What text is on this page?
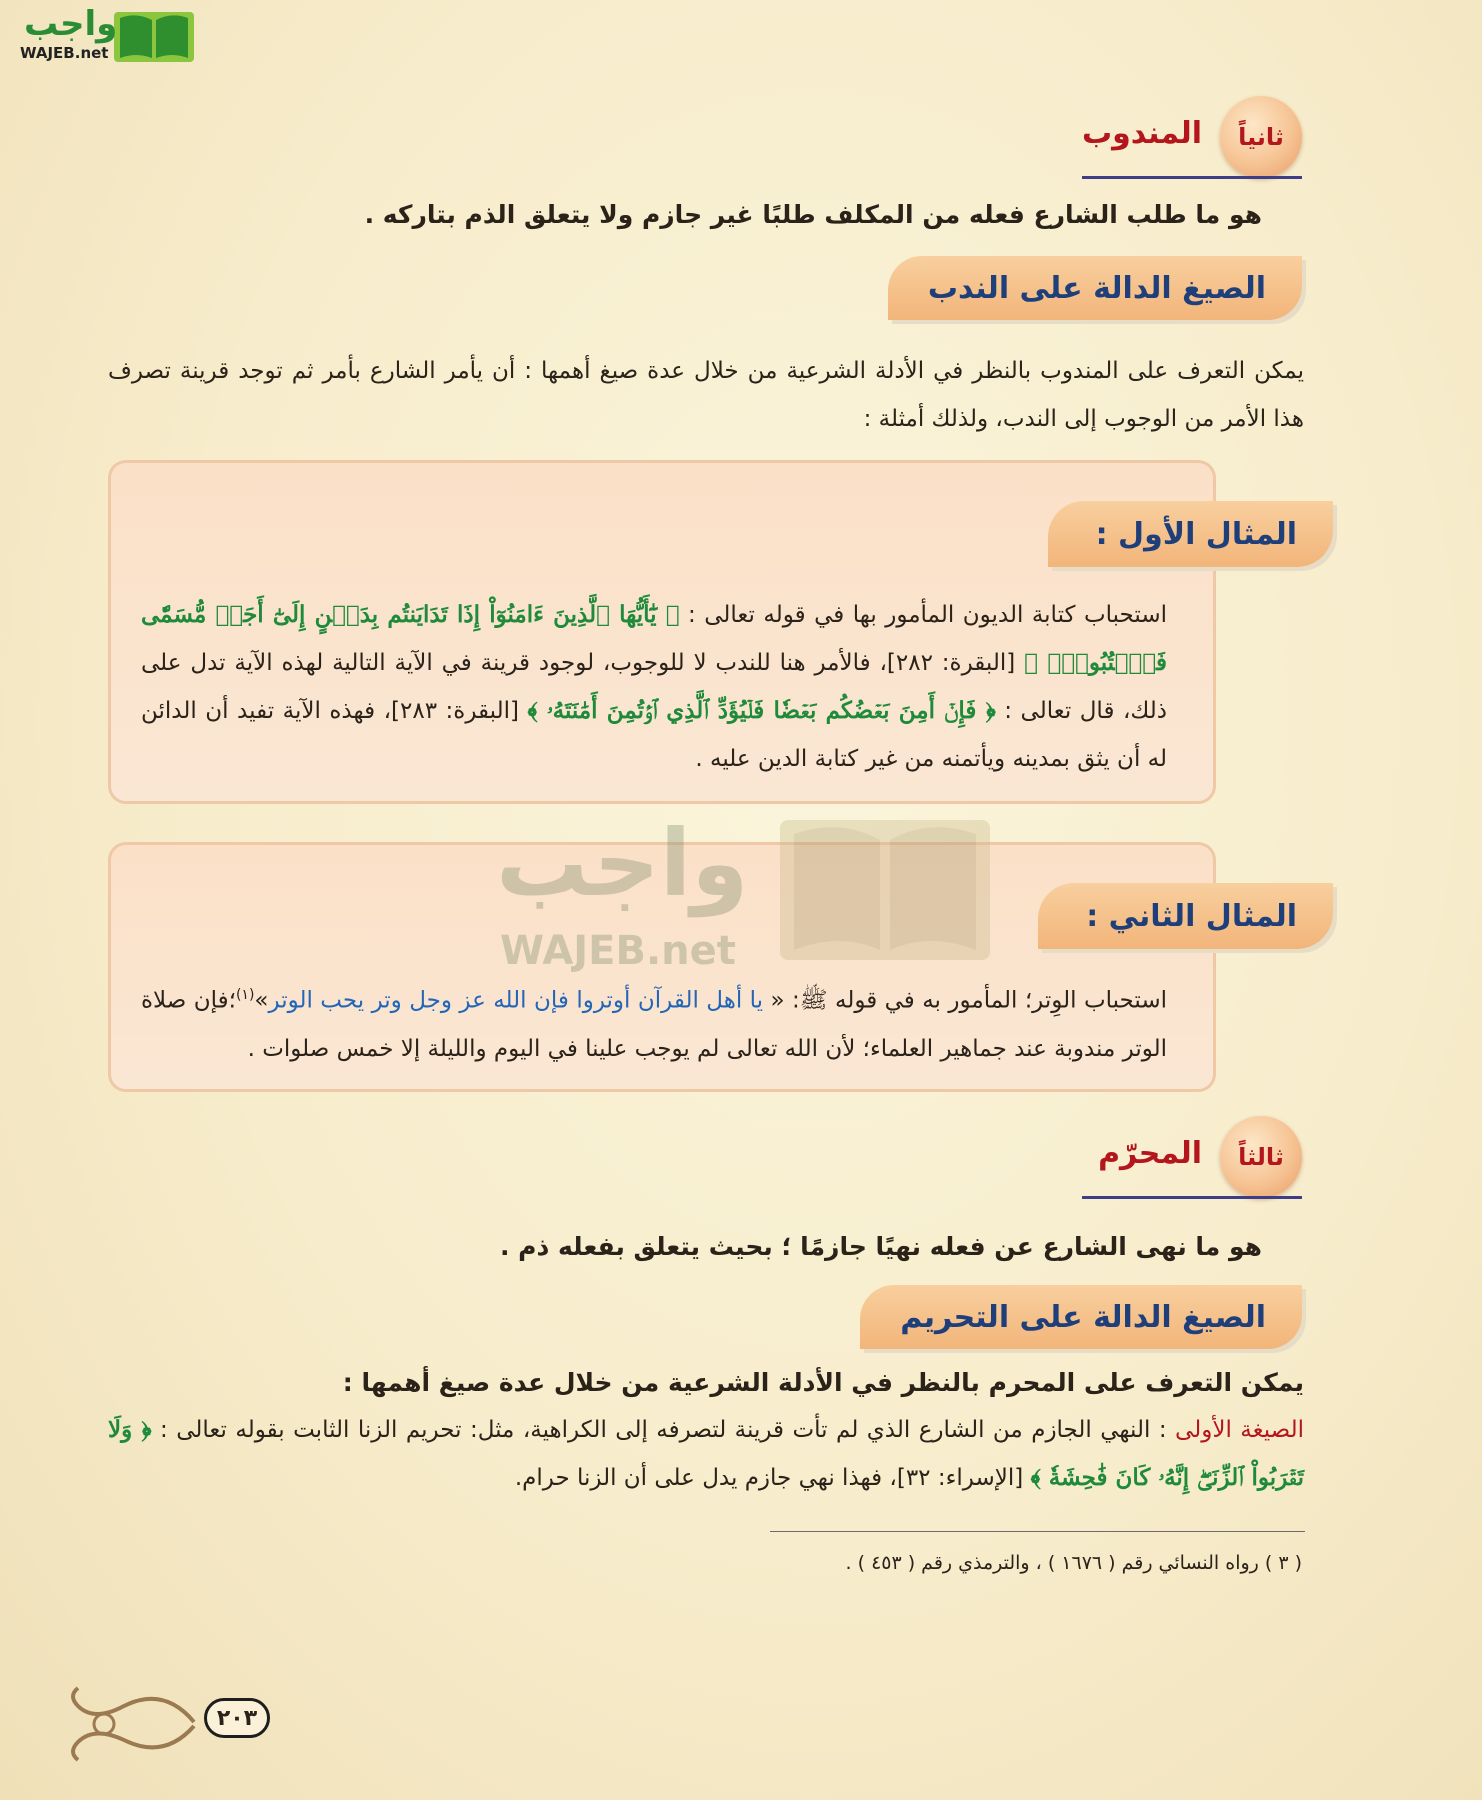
واجب
WAJEB.net
ثانياً
المندوب
هو ما طلب الشارع فعله من المكلف طلبًا غير جازم ولا يتعلق الذم بتاركه .
الصيغ الدالة على الندب
يمكن التعرف على المندوب بالنظر في الأدلة الشرعية من خلال عدة صيغ أهمها : أن يأمر الشارع بأمر ثم توجد قرينة تصرف هذا الأمر من الوجوب إلى الندب، ولذلك أمثلة :
المثال الأول :
استحباب كتابة الديون المأمور بها في قوله تعالى : ﴿ يَٰٓأَيُّهَا ٱلَّذِينَ ءَامَنُوٓاْ إِذَا تَدَايَنتُم بِدَيۡنٍ إِلَىٰٓ أَجَلٖ مُّسَمّٗى فَٱكۡتُبُوهُۚ ﴾ [البقرة: ٢٨٢]، فالأمر هنا للندب لا للوجوب، لوجود قرينة في الآية التالية لهذه الآية تدل على ذلك، قال تعالى : ﴿ فَإِنۡ أَمِنَ بَعۡضُكُم بَعۡضٗا فَلۡيُؤَدِّ ٱلَّذِي ٱؤۡتُمِنَ أَمَٰنَتَهُۥ ﴾ [البقرة: ٢٨٣]، فهذه الآية تفيد أن الدائن له أن يثق بمدينه ويأتمنه من غير كتابة الدين عليه .
المثال الثاني :
استحباب الوِتر؛ المأمور به في قوله ﷺ: « يا أهل القرآن أوتروا فإن الله عز وجل وتر يحب الوتر»$^{(١)}$؛فإن صلاة الوتر مندوبة عند جماهير العلماء؛ لأن الله تعالى لم يوجب علينا في اليوم والليلة إلا خمس صلوات .
واجب
WAJEB.net
ثالثاً
المحرّم
هو ما نهى الشارع عن فعله نهيًا جازمًا ؛ بحيث يتعلق بفعله ذم .
الصيغ الدالة على التحريم
يمكن التعرف على المحرم بالنظر في الأدلة الشرعية من خلال عدة صيغ أهمها :
الصيغة الأولى : النهي الجازم من الشارع الذي لم تأت قرينة لتصرفه إلى الكراهية، مثل: تحريم الزنا الثابت بقوله تعالى : ﴿ وَلَا تَقۡرَبُواْ ٱلزِّنَىٰٓۖ إِنَّهُۥ كَانَ فَٰحِشَةٗ ﴾ [الإسراء: ٣٢]، فهذا نهي جازم يدل على أن الزنا حرام.
( ٣ ) رواه النسائي رقم ( ١٦٧٦ ) ، والترمذي رقم ( ٤٥٣ ) .
٢٠٣
